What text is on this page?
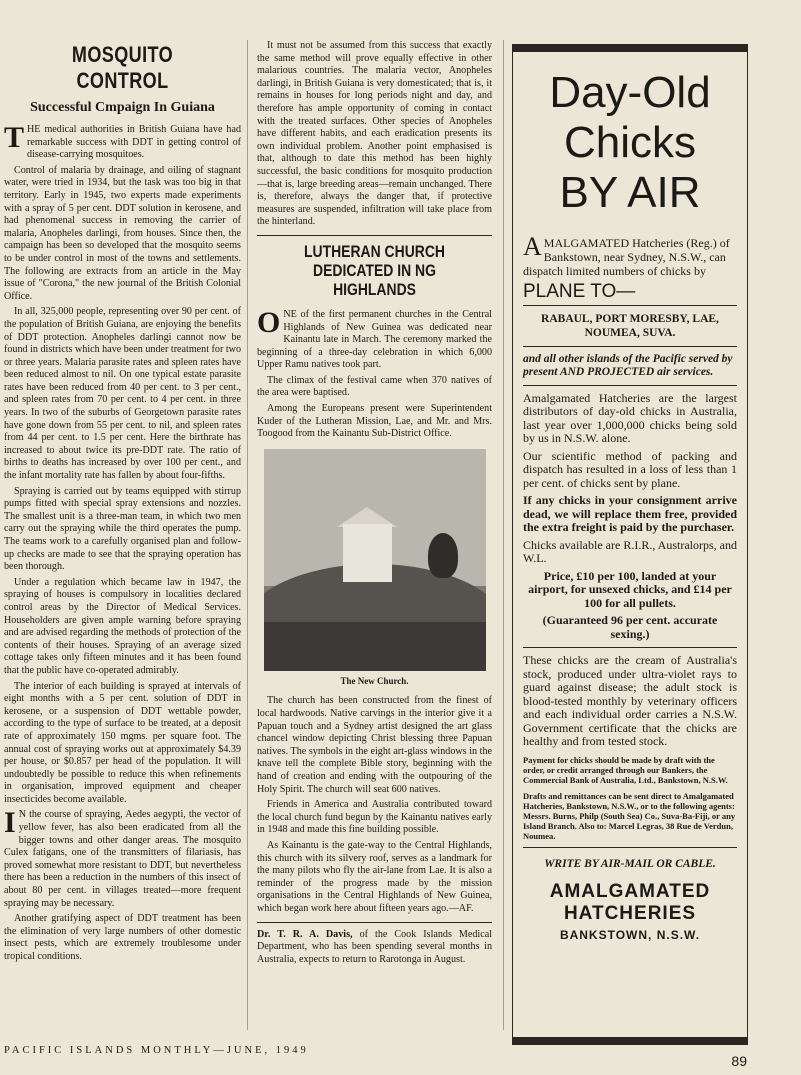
MOSQUITO CONTROL
Successful Cmpaign In Guiana

THE medical authorities in British Guiana have had remarkable success with DDT in getting control of disease-carrying mosquitoes.

Control of malaria by drainage, and oiling of stagnant water, were tried in 1934, but the task was too big in that territory. Early in 1945, two experts made experiments with a spray of 5 per cent. DDT solution in kerosene, and had phenomenal success in removing the carrier of malaria, Anopheles darlingi, from houses. Since then, the campaign has been so developed that the mosquito seems to be under control in most of the towns and settlements. The following are extracts from an article in the May issue of "Corona," the new journal of the British Colonial Office.

In all, 325,000 people, representing over 90 per cent. of the population of British Guiana, are enjoying the benefits of DDT protection. Anopheles darlingi cannot now be found in districts which have been under treatment for two or three years. Malaria parasite rates and spleen rates have been reduced almost to nil. On one typical estate parasite rates have been reduced from 40 per cent. to 3 per cent., and spleen rates from 70 per cent. to 4 per cent. in three years. In two of the suburbs of Georgetown parasite rates have gone down from 55 per cent. to nil, and spleen rates from 44 per cent. to 1.5 per cent. Here the birthrate has increased to about twice its pre-DDT rate. The ratio of births to deaths has increased by over 100 per cent., and the infant mortality rate has fallen by about four-fifths.

Spraying is carried out by teams equipped with stirrup pumps fitted with special spray extensions and nozzles. The smallest unit is a three-man team, in which two men carry out the spraying while the third operates the pump. The teams work to a carefully organised plan and follow-up checks are made to see that the spraying operation has been thorough.

Under a regulation which became law in 1947, the spraying of houses is compulsory in localities declared control areas by the Director of Medical Services. Householders are given ample warning before spraying and are advised regarding the methods of protection of the contents of their houses. Spraying of an average sized cottage takes only fifteen minutes and it has been found that the public have co-operated admirably.

The interior of each building is sprayed at intervals of eight months with a 5 per cent. solution of DDT in kerosene, or a suspension of DDT wettable powder, according to the type of surface to be treated, at a deposit rate of approximately 150 mgms. per square foot. The annual cost of spraying works out at approximately $4.39 per house, or $0.857 per head of the population. It will undoubtedly be possible to reduce this when refinements in organisation, improved equipment and cheaper insecticides become available.

IN the course of spraying, Aedes aegypti, the vector of yellow fever, has also been eradicated from all the bigger towns and other danger areas. The mosquito Culex fatigans, one of the transmitters of filariasis, has proved somewhat more resistant to DDT, but nevertheless there has been a reduction in the numbers of this insect of about 80 per cent. in villages treated—more frequent spraying may be necessary.

Another gratifying aspect of DDT treatment has been the elimination of very large numbers of other domestic insect pests, which are extremely troublesome under tropical conditions.

It must not be assumed from this success that exactly the same method will prove equally effective in other malarious countries. The malaria vector, Anopheles darlingi, in British Guiana is very domesticated; that is, it remains in houses for long periods night and day, and therefore has ample opportunity of coming in contact with the treated surfaces. Other species of Anopheles have different habits, and each eradication presents its own individual problem. Another point emphasised is that, although to date this method has been highly successful, the basic conditions for mosquito production—that is, large breeding areas—remain unchanged. There is, therefore, always the danger that, if protective measures are suspended, infiltration will take place from the hinterland.

LUTHERAN CHURCH DEDICATED IN NG HIGHLANDS

ONE of the first permanent churches in the Central Highlands of New Guinea was dedicated near Kainantu late in March. The ceremony marked the beginning of a three-day celebration in which 6,000 Upper Ramu natives took part.

The climax of the festival came when 370 natives of the area were baptised.

Among the Europeans present were Superintendent Kuder of the Lutheran Mission, Lae, and Mr. and Mrs. Toogood from the Kainantu Sub-District Office.

The New Church.

The church has been constructed from the finest of local hardwoods. Native carvings in the interior give it a Papuan touch and a Sydney artist designed the art glass chancel window depicting Christ blessing three Papuan natives. The symbols in the eight art-glass windows in the knave tell the complete Bible story, beginning with the hand of creation and ending with the outpouring of the Holy Spirit. The church will seat 600 natives.

Friends in America and Australia contributed toward the local church fund begun by the Kainantu natives early in 1948 and made this fine building possible.

As Kainantu is the gate-way to the Central Highlands, this church with its silvery roof, serves as a landmark for the many pilots who fly the air-lane from Lae. It is also a reminder of the progress made by the mission organisations in the Central Highlands of New Guinea, which began work here about fifteen years ago.—AF.

Dr. T. R. A. Davis, of the Cook Islands Medical Department, who has been spending several months in Australia, expects to return to Rarotonga in August.

Day-Old
Chicks
BY AIR
AMALGAMATED Hatcheries (Reg.) of Bankstown, near Sydney, N.S.W., can dispatch limited numbers of chicks by
PLANE TO—
RABAUL, PORT MORESBY, LAE, NOUMEA, SUVA.
and all other islands of the Pacific served by present AND PROJECTED air services.
Amalgamated Hatcheries are the largest distributors of day-old chicks in Australia, last year over 1,000,000 chicks being sold by us in N.S.W. alone.
Our scientific method of packing and dispatch has resulted in a loss of less than 1 per cent. of chicks sent by plane.
If any chicks in your consignment arrive dead, we will replace them free, provided the extra freight is paid by the purchaser.
Chicks available are R.I.R., Australorps, and W.L.
Price, £10 per 100, landed at your airport, for unsexed chicks, and £14 per 100 for all pullets.
(Guaranteed 96 per cent. accurate sexing.)
These chicks are the cream of Australia's stock, produced under ultra-violet rays to guard against disease; the adult stock is blood-tested monthly by veterinary officers and each individual order carries a N.S.W. Government certificate that the chicks are healthy and from tested stock.
Payment for chicks should be made by draft with the order, or credit arranged through our Bankers, the Commercial Bank of Australia, Ltd., Bankstown, N.S.W.
Drafts and remittances can be sent direct to Amalgamated Hatcheries, Bankstown, N.S.W., or to the following agents: Messrs. Burns, Philp (South Sea) Co., Suva-Ba-Fiji, or any Island Branch. Also to: Marcel Legras, 38 Rue de Verdun, Noumea.
WRITE BY AIR-MAIL OR CABLE.
AMALGAMATED
HATCHERIES
BANKSTOWN, N.S.W.
PACIFIC ISLANDS MONTHLY—JUNE, 1949
89
